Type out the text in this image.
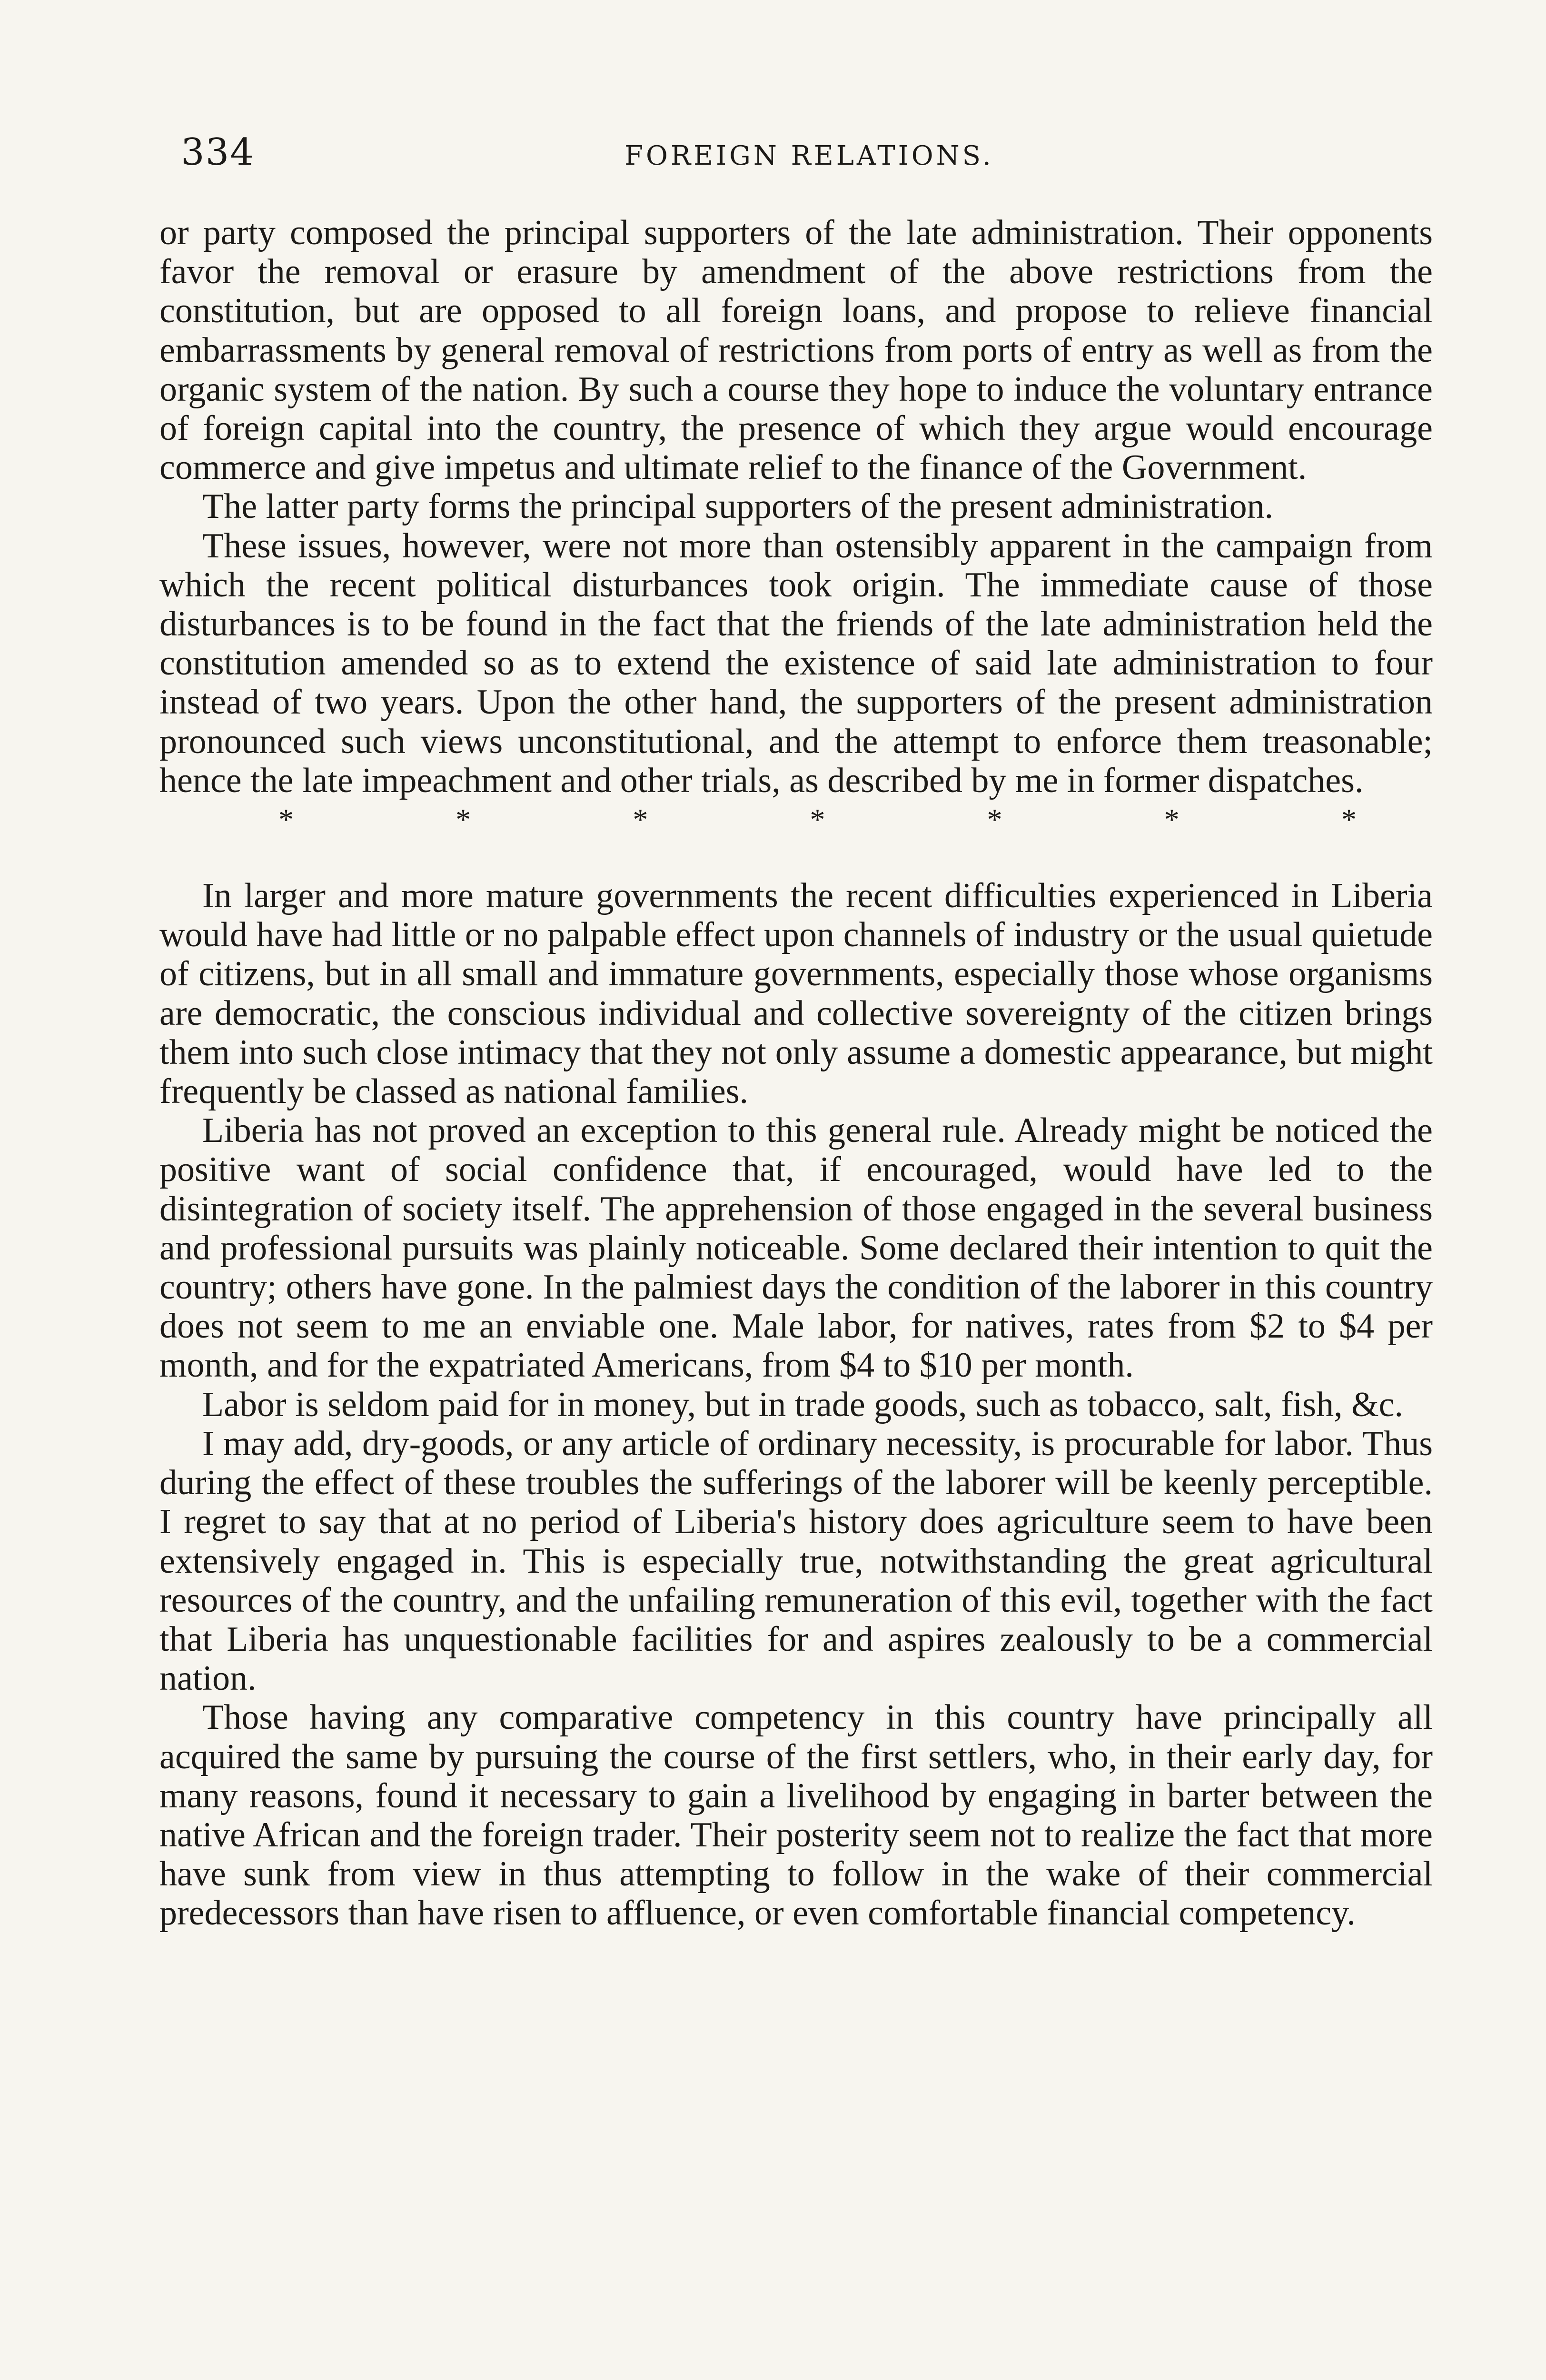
334	FOREIGN RELATIONS.

or party composed the principal supporters of the late administration. Their opponents favor the removal or erasure by amendment of the above restrictions from the constitution, but are opposed to all foreign loans, and propose to relieve financial embarrassments by general removal of restrictions from ports of entry as well as from the organic system of the nation. By such a course they hope to induce the voluntary entrance of foreign capital into the country, the presence of which they argue would encourage commerce and give impetus and ultimate relief to the finance of the Government.

The latter party forms the principal supporters of the present administration.

These issues, however, were not more than ostensibly apparent in the campaign from which the recent political disturbances took origin. The immediate cause of those disturbances is to be found in the fact that the friends of the late administration held the constitution amended so as to extend the existence of said late administration to four instead of two years. Upon the other hand, the supporters of the present administration pronounced such views unconstitutional, and the attempt to enforce them treasonable; hence the late impeachment and other trials, as described by me in former dispatches.

*	*	*	*	*	*	*

In larger and more mature governments the recent difficulties experienced in Liberia would have had little or no palpable effect upon channels of industry or the usual quietude of citizens, but in all small and immature governments, especially those whose organisms are democratic, the conscious individual and collective sovereignty of the citizen brings them into such close intimacy that they not only assume a domestic appearance, but might frequently be classed as national families.

Liberia has not proved an exception to this general rule. Already might be noticed the positive want of social confidence that, if encouraged, would have led to the disintegration of society itself. The apprehension of those engaged in the several business and professional pursuits was plainly noticeable. Some declared their intention to quit the country; others have gone. In the palmiest days the condition of the laborer in this country does not seem to me an enviable one. Male labor, for natives, rates from $2 to $4 per month, and for the expatriated Americans, from $4 to $10 per month.

Labor is seldom paid for in money, but in trade goods, such as tobacco, salt, fish, &c.

I may add, dry-goods, or any article of ordinary necessity, is procurable for labor. Thus during the effect of these troubles the sufferings of the laborer will be keenly perceptible. I regret to say that at no period of Liberia's history does agriculture seem to have been extensively engaged in. This is especially true, notwithstanding the great agricultural resources of the country, and the unfailing remuneration of this evil, together with the fact that Liberia has unquestionable facilities for and aspires zealously to be a commercial nation.

Those having any comparative competency in this country have principally all acquired the same by pursuing the course of the first settlers, who, in their early day, for many reasons, found it necessary to gain a livelihood by engaging in barter between the native African and the foreign trader. Their posterity seem not to realize the fact that more have sunk from view in thus attempting to follow in the wake of their commercial predecessors than have risen to affluence, or even comfortable financial competency.
